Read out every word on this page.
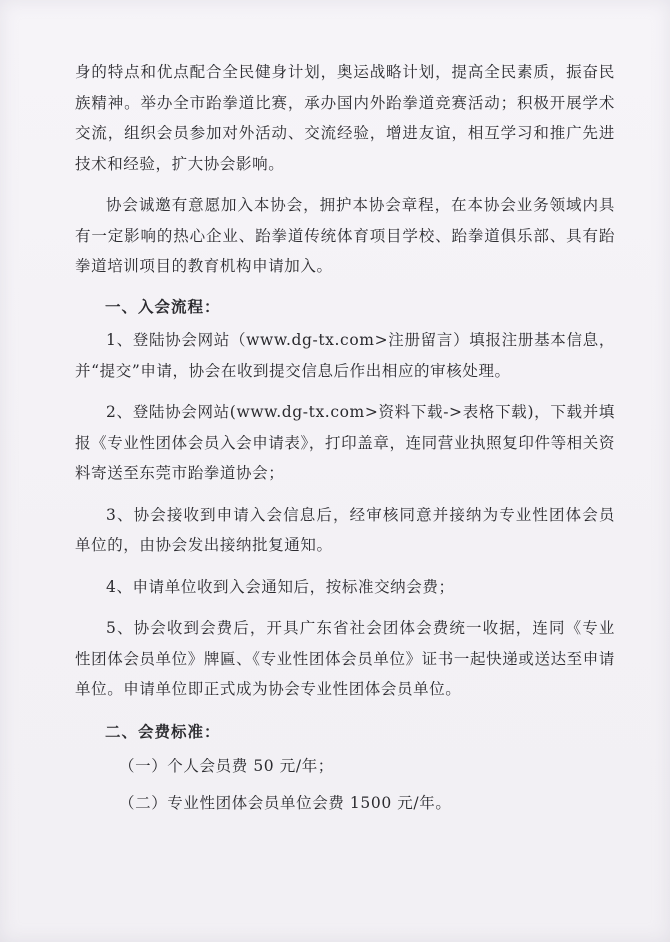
身的特点和优点配合全民健身计划，奥运战略计划，提高全民素质，振奋民族精神。举办全市跆拳道比赛，承办国内外跆拳道竞赛活动；积极开展学术交流，组织会员参加对外活动、交流经验，增进友谊，相互学习和推广先进技术和经验，扩大协会影响。

协会诚邀有意愿加入本协会，拥护本协会章程，在本协会业务领域内具有一定影响的热心企业、跆拳道传统体育项目学校、跆拳道俱乐部、具有跆拳道培训项目的教育机构申请加入。

一、入会流程：

1、登陆协会网站（www.dg-tx.com>注册留言）填报注册基本信息，并“提交”申请，协会在收到提交信息后作出相应的审核处理。

2、登陆协会网站(www.dg-tx.com>资料下载->表格下载)，下载并填报《专业性团体会员入会申请表》，打印盖章，连同营业执照复印件等相关资料寄送至东莞市跆拳道协会；

3、协会接收到申请入会信息后，经审核同意并接纳为专业性团体会员单位的，由协会发出接纳批复通知。

4、申请单位收到入会通知后，按标准交纳会费；

5、协会收到会费后，开具广东省社会团体会费统一收据，连同《专业性团体会员单位》牌匾、《专业性团体会员单位》证书一起快递或送达至申请单位。申请单位即正式成为协会专业性团体会员单位。

二、会费标准：

（一）个人会员费 50 元/年；

（二）专业性团体会员单位会费 1500 元/年。
